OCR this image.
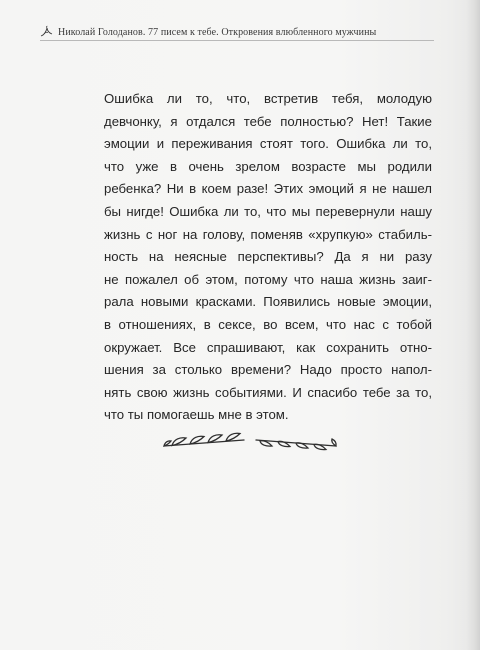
Николай Голоданов. 77 писем к тебе. Откровения влюбленного мужчины
Ошибка ли то, что, встретив тебя, молодую
девчонку, я отдался тебе полностью? Нет! Такие
эмоции и переживания стоят того. Ошибка ли то,
что уже в очень зрелом возрасте мы родили
ребенка? Ни в коем разе! Этих эмоций я не нашел
бы нигде! Ошибка ли то, что мы перевернули нашу
жизнь с ног на голову, поменяв «хрупкую» стабиль-
ность на неясные перспективы? Да я ни разу
не пожалел об этом, потому что наша жизнь заиг-
рала новыми красками. Появились новые эмоции,
в отношениях, в сексе, во всем, что нас с тобой
окружает. Все спрашивают, как сохранить отно-
шения за столько времени? Надо просто напол-
нять свою жизнь событиями. И спасибо тебе за то,
что ты помогаешь мне в этом.
